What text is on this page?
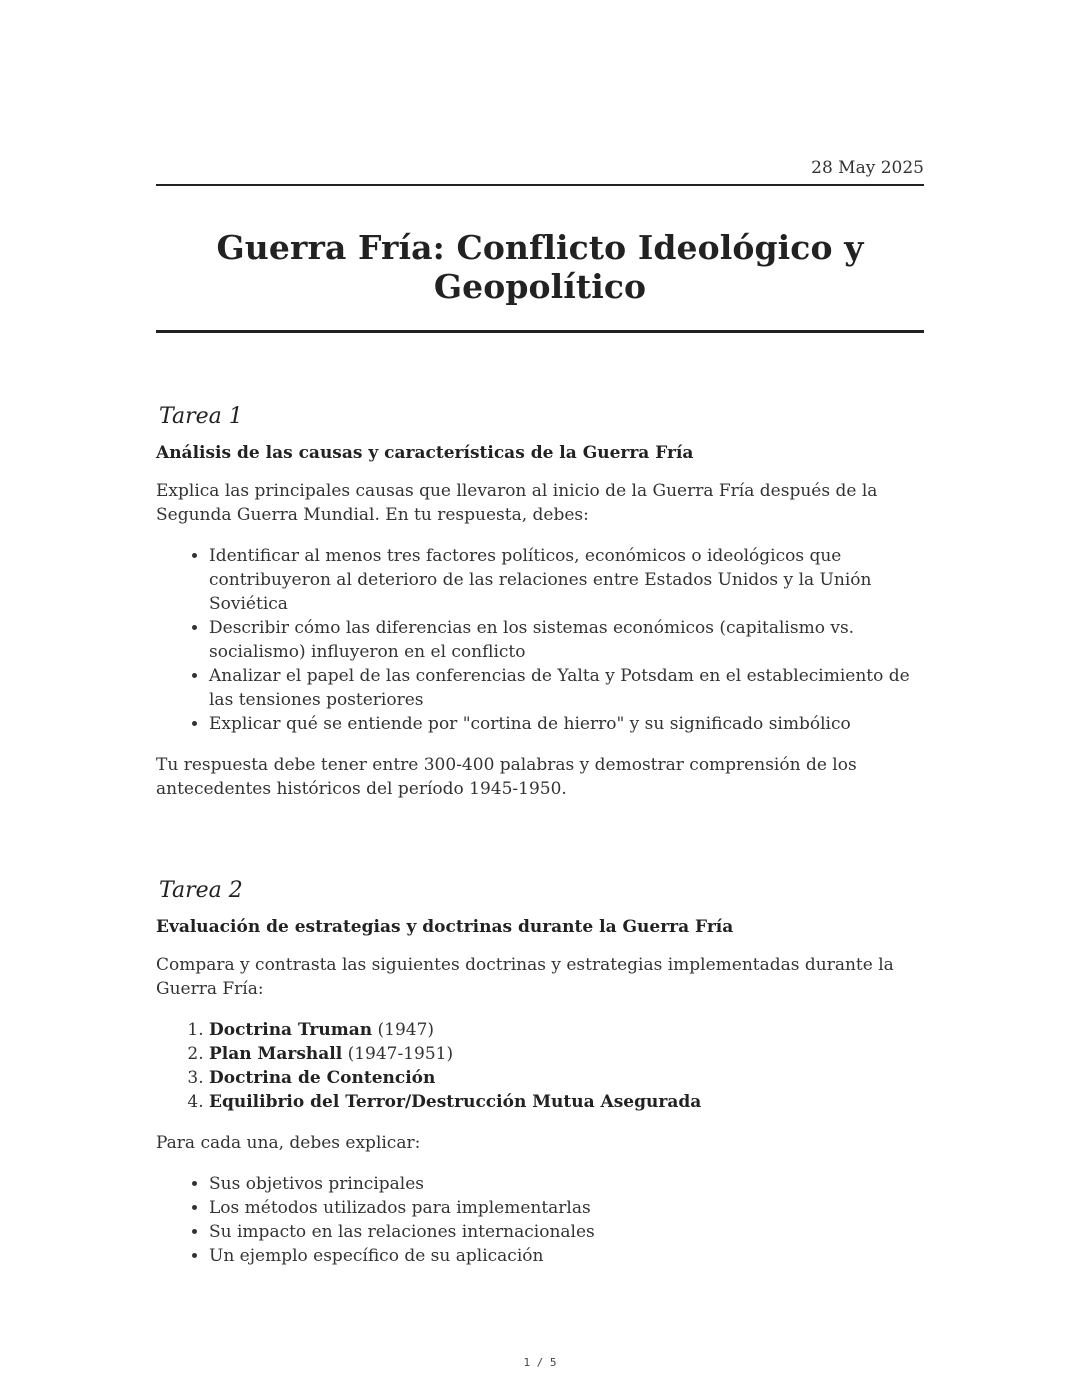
28 May 2025
Guerra Fría: Conflicto Ideológico y Geopolítico
Tarea 1
Análisis de las causas y características de la Guerra Fría

Explica las principales causas que llevaron al inicio de la Guerra Fría después de la Segunda Guerra Mundial. En tu respuesta, debes:

• Identificar al menos tres factores políticos, económicos o ideológicos que contribuyeron al deterioro de las relaciones entre Estados Unidos y la Unión Soviética
• Describir cómo las diferencias en los sistemas económicos (capitalismo vs. socialismo) influyeron en el conflicto
• Analizar el papel de las conferencias de Yalta y Potsdam en el establecimiento de las tensiones posteriores
• Explicar qué se entiende por "cortina de hierro" y su significado simbólico

Tu respuesta debe tener entre 300-400 palabras y demostrar comprensión de los antecedentes históricos del período 1945-1950.

Tarea 2
Evaluación de estrategias y doctrinas durante la Guerra Fría

Compara y contrasta las siguientes doctrinas y estrategias implementadas durante la Guerra Fría:

1. Doctrina Truman (1947)
2. Plan Marshall (1947-1951)
3. Doctrina de Contención
4. Equilibrio del Terror/Destrucción Mutua Asegurada

Para cada una, debes explicar:

• Sus objetivos principales
• Los métodos utilizados para implementarlas
• Su impacto en las relaciones internacionales
• Un ejemplo específico de su aplicación
1 / 5
